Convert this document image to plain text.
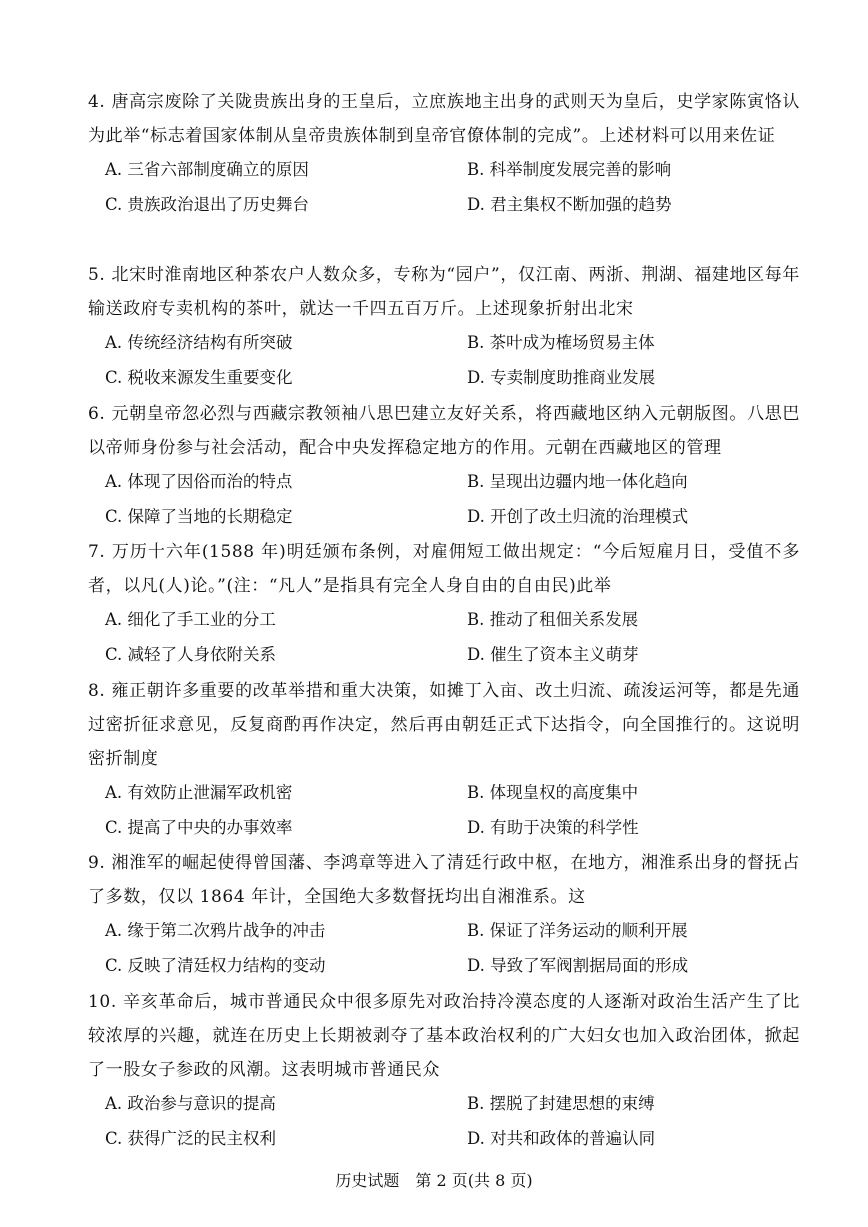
4. 唐高宗废除了关陇贵族出身的王皇后，立庶族地主出身的武则天为皇后，史学家陈寅恪认为此举“标志着国家体制从皇帝贵族体制到皇帝官僚体制的完成”。上述材料可以用来佐证
A. 三省六部制度确立的原因	B. 科举制度发展完善的影响
C. 贵族政治退出了历史舞台	D. 君主集权不断加强的趋势
5. 北宋时淮南地区种茶农户人数众多，专称为“园户”，仅江南、两浙、荆湖、福建地区每年输送政府专卖机构的茶叶，就达一千四五百万斤。上述现象折射出北宋
A. 传统经济结构有所突破	B. 茶叶成为榷场贸易主体
C. 税收来源发生重要变化	D. 专卖制度助推商业发展
6. 元朝皇帝忽必烈与西藏宗教领袖八思巴建立友好关系，将西藏地区纳入元朝版图。八思巴以帝师身份参与社会活动，配合中央发挥稳定地方的作用。元朝在西藏地区的管理
A. 体现了因俗而治的特点	B. 呈现出边疆内地一体化趋向
C. 保障了当地的长期稳定	D. 开创了改土归流的治理模式
7. 万历十六年(1588 年)明廷颁布条例，对雇佣短工做出规定：“今后短雇月日，受值不多者，以凡(人)论。”(注：“凡人”是指具有完全人身自由的自由民)此举
A. 细化了手工业的分工	B. 推动了租佃关系发展
C. 减轻了人身依附关系	D. 催生了资本主义萌芽
8. 雍正朝许多重要的改革举措和重大决策，如摊丁入亩、改土归流、疏浚运河等，都是先通过密折征求意见，反复商酌再作决定，然后再由朝廷正式下达指令，向全国推行的。这说明密折制度
A. 有效防止泄漏军政机密	B. 体现皇权的高度集中
C. 提高了中央的办事效率	D. 有助于决策的科学性
9. 湘淮军的崛起使得曾国藩、李鸿章等进入了清廷行政中枢，在地方，湘淮系出身的督抚占了多数，仅以 1864 年计，全国绝大多数督抚均出自湘淮系。这
A. 缘于第二次鸦片战争的冲击	B. 保证了洋务运动的顺利开展
C. 反映了清廷权力结构的变动	D. 导致了军阀割据局面的形成
10. 辛亥革命后，城市普通民众中很多原先对政治持冷漠态度的人逐渐对政治生活产生了比较浓厚的兴趣，就连在历史上长期被剥夺了基本政治权利的广大妇女也加入政治团体，掀起了一股女子参政的风潮。这表明城市普通民众
A. 政治参与意识的提高	B. 摆脱了封建思想的束缚
C. 获得广泛的民主权利	D. 对共和政体的普遍认同
历史试题　第 2 页(共 8 页)
